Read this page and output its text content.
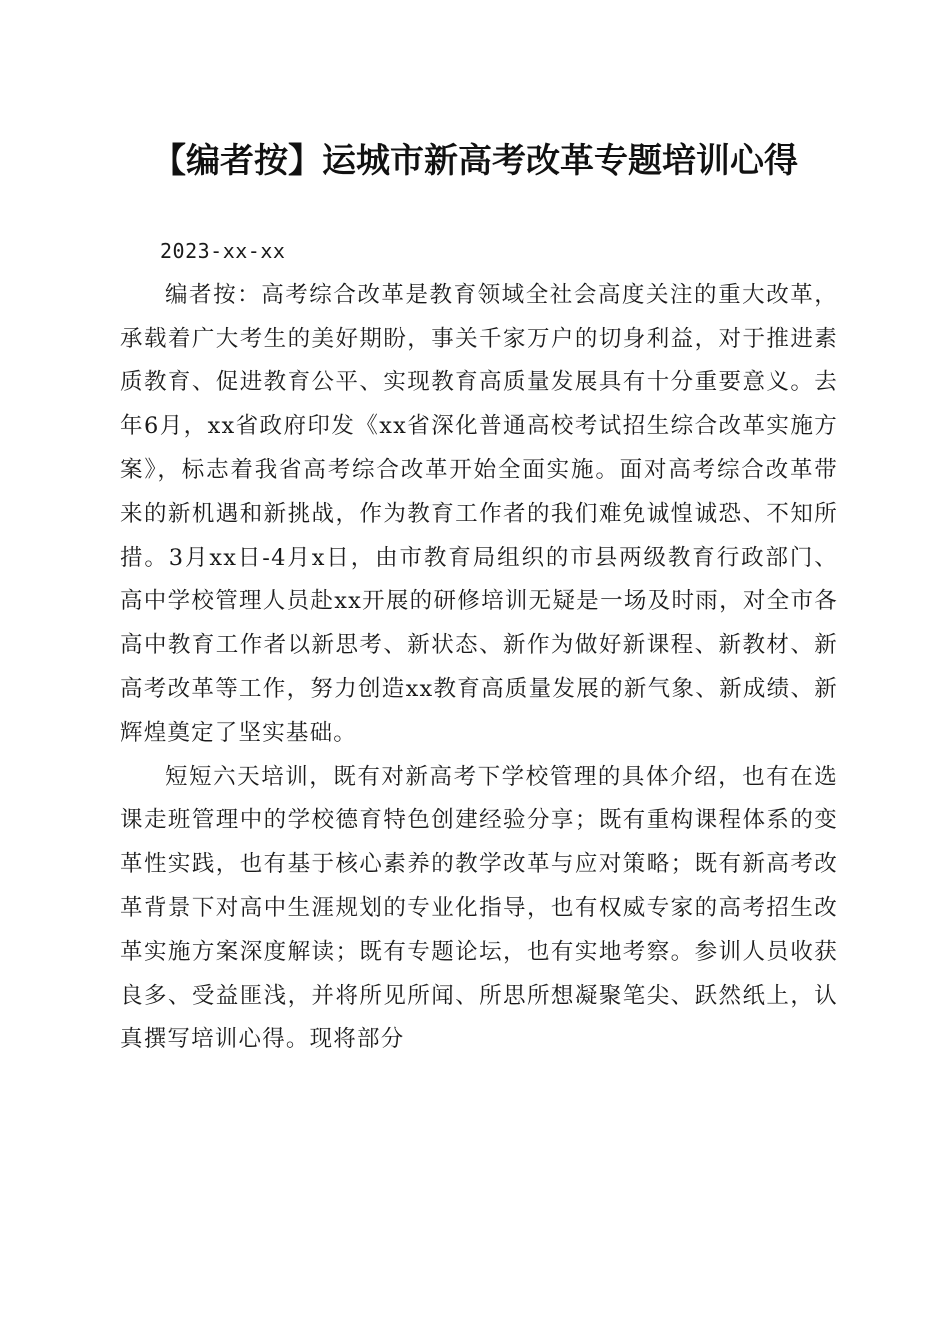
【编者按】运城市新高考改革专题培训心得

2023-xx-xx

编者按：高考综合改革是教育领域全社会高度关注的重大改革，承载着广大考生的美好期盼，事关千家万户的切身利益，对于推进素质教育、促进教育公平、实现教育高质量发展具有十分重要意义。去年6月，xx省政府印发《xx省深化普通高校考试招生综合改革实施方案》，标志着我省高考综合改革开始全面实施。面对高考综合改革带来的新机遇和新挑战，作为教育工作者的我们难免诚惶诚恐、不知所措。3月xx日-4月x日，由市教育局组织的市县两级教育行政部门、高中学校管理人员赴xx开展的研修培训无疑是一场及时雨，对全市各高中教育工作者以新思考、新状态、新作为做好新课程、新教材、新高考改革等工作，努力创造xx教育高质量发展的新气象、新成绩、新辉煌奠定了坚实基础。

短短六天培训，既有对新高考下学校管理的具体介绍，也有在选课走班管理中的学校德育特色创建经验分享；既有重构课程体系的变革性实践，也有基于核心素养的教学改革与应对策略；既有新高考改革背景下对高中生涯规划的专业化指导，也有权威专家的高考招生改革实施方案深度解读；既有专题论坛，也有实地考察。参训人员收获良多、受益匪浅，并将所见所闻、所思所想凝聚笔尖、跃然纸上，认真撰写培训心得。现将部分
